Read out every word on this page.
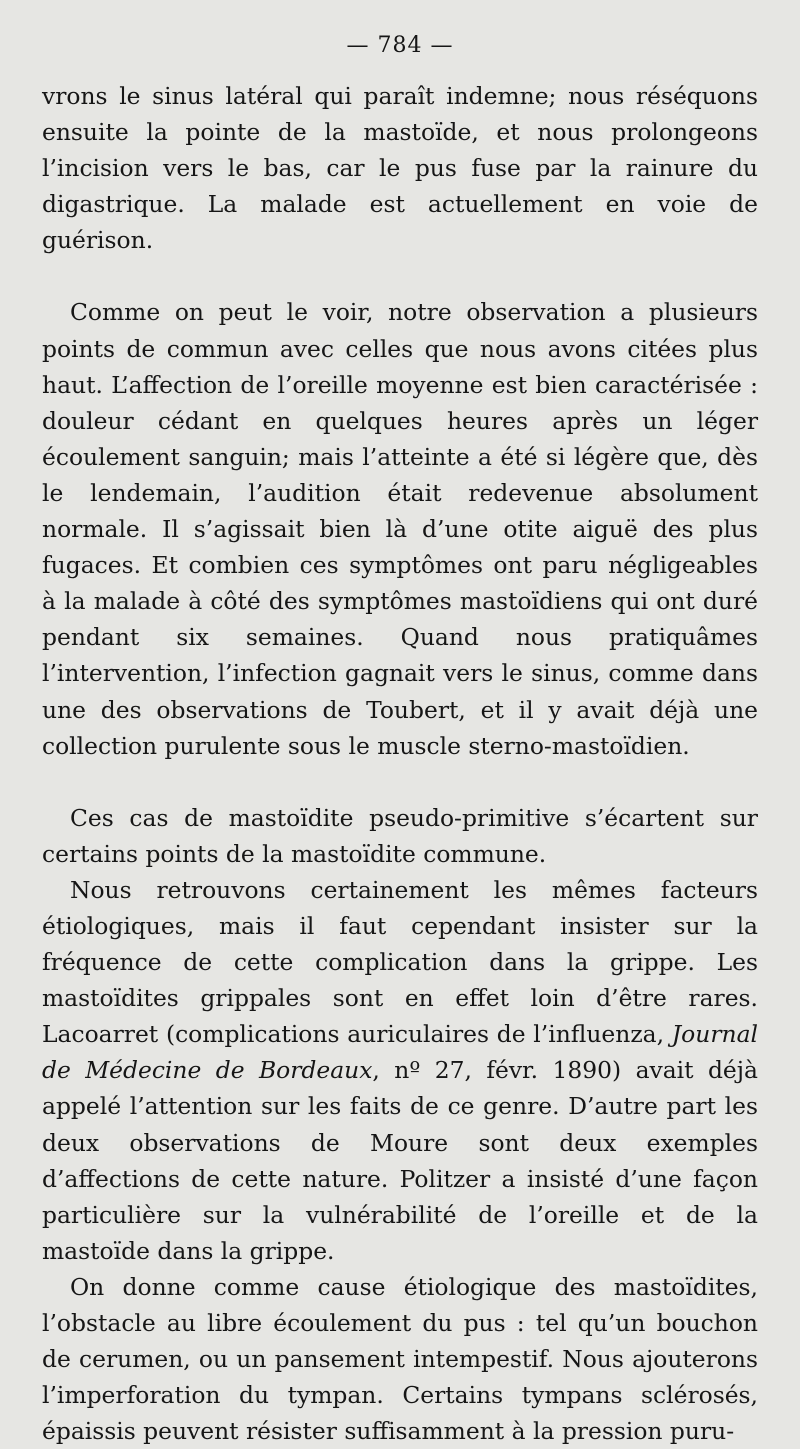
— 784 —

vrons le sinus latéral qui paraît indemne; nous réséquons ensuite la pointe de la mastoïde, et nous prolongeons l’incision vers le bas, car le pus fuse par la rainure du digastrique. La malade est actuellement en voie de guérison.

Comme on peut le voir, notre observation a plusieurs points de commun avec celles que nous avons citées plus haut. L’affection de l’oreille moyenne est bien caractérisée : douleur cédant en quelques heures après un léger écoulement sanguin; mais l’atteinte a été si légère que, dès le lendemain, l’audition était redevenue absolument normale. Il s’agissait bien là d’une otite aiguë des plus fugaces. Et combien ces symptômes ont paru négligeables à la malade à côté des symptômes mastoïdiens qui ont duré pendant six semaines. Quand nous pratiquâmes l’intervention, l’infection gagnait vers le sinus, comme dans une des observations de Toubert, et il y avait déjà une collection purulente sous le muscle sterno-mastoïdien.

Ces cas de mastoïdite pseudo-primitive s’écartent sur certains points de la mastoïdite commune.

Nous retrouvons certainement les mêmes facteurs étiologiques, mais il faut cependant insister sur la fréquence de cette complication dans la grippe. Les mastoïdites grippales sont en effet loin d’être rares. Lacoarret (complications auriculaires de l’influenza, Journal de Médecine de Bordeaux, nº 27, févr. 1890) avait déjà appelé l’attention sur les faits de ce genre. D’autre part les deux observations de Moure sont deux exemples d’affections de cette nature. Politzer a insisté d’une façon particulière sur la vulnérabilité de l’oreille et de la mastoïde dans la grippe.

On donne comme cause étiologique des mastoïdites, l’obstacle au libre écoulement du pus : tel qu’un bouchon de cerumen, ou un pansement intempestif. Nous ajouterons l’imperforation du tympan. Certains tympans sclérosés, épaissis peuvent résister suffisamment à la pression puru-
